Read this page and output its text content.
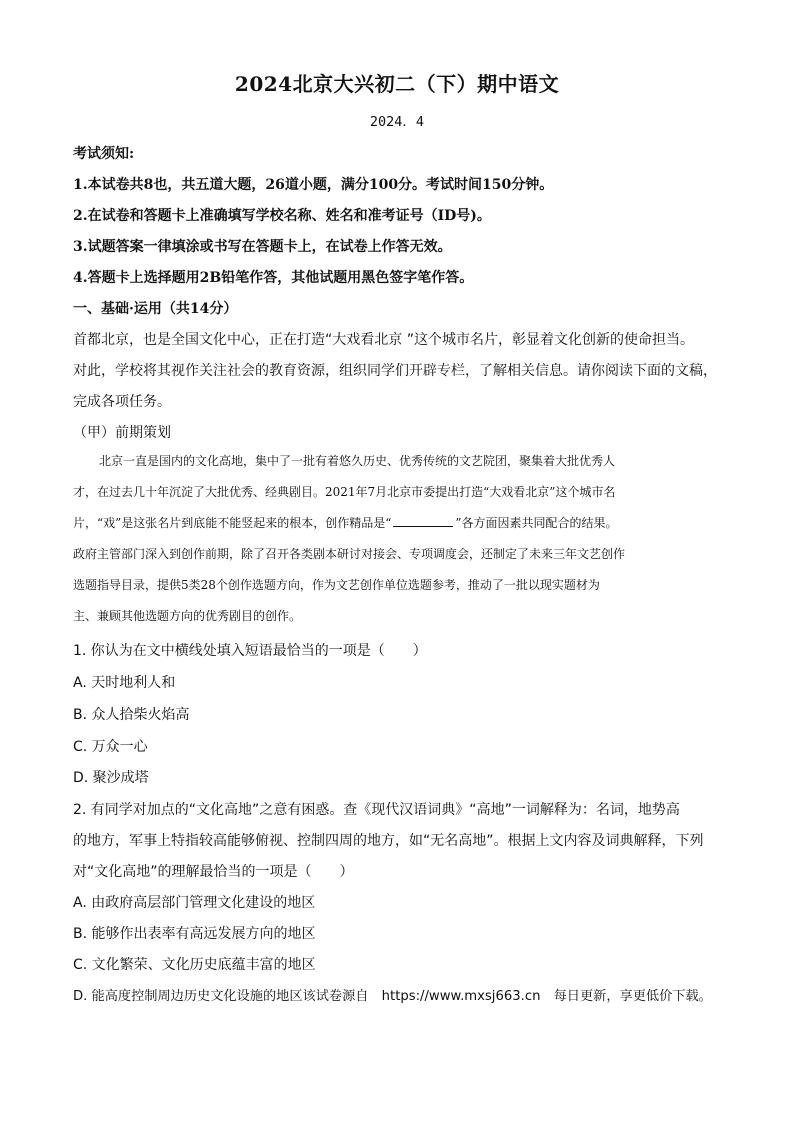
2024北京大兴初二（下）期中语文
2024．4
考试须知:
1.本试卷共8也，共五道大题，26道小题，满分100分。考试时间150分钟。
2.在试卷和答题卡上准确填写学校名称、姓名和准考证号（ID号)。
3.试题答案一律填涂或书写在答题卡上，在试卷上作答无效。
4.答题卡上选择题用2B铅笔作答，其他试题用黑色签字笔作答。
一、基础·运用（共14分）
首都北京，也是全国文化中心，正在打造“大戏看北京 ”这个城市名片，彰显着文化创新的使命担当。
对此，学校将其视作关注社会的教育资源，组织同学们开辟专栏，了解相关信息。请你阅读下面的文稿，
完成各项任务。
（甲）前期策划
北京一直是国内的文化高地，集中了一批有着悠久历史、优秀传统的文艺院团，聚集着大批优秀人
才，在过去几十年沉淀了大批优秀、经典剧目。2021年7月北京市委提出打造“大戏看北京”这个城市名
片，“戏”是这张名片到底能不能竖起来的根本，创作精品是“	”各方面因素共同配合的结果。
政府主管部门深入到创作前期，除了召开各类剧本研讨对接会、专项调度会，还制定了未来三年文艺创作
选题指导目录，提供5类28个创作选题方向，作为文艺创作单位选题参考，推动了一批以现实题材为
主、兼顾其他选题方向的优秀剧目的创作。
1. 你认为在文中横线处填入短语最恰当的一项是（　　）
A. 天时地利人和
B. 众人拾柴火焰高
C. 万众一心
D. 聚沙成塔
2. 有同学对加点的“文化高地”之意有困惑。查《现代汉语词典》“高地”一词解释为：名词，地势高
的地方，军事上特指较高能够俯视、控制四周的地方，如“无名高地”。根据上文内容及词典解释，下列
对“文化高地”的理解最恰当的一项是（　　）
A. 由政府高层部门管理文化建设的地区
B. 能够作出表率有高远发展方向的地区
C. 文化繁荣、文化历史底蕴丰富的地区
D. 能高度控制周边历史文化设施的地区该试卷源自　https://www.mxsj663.cn　每日更新，享更低价下载。
